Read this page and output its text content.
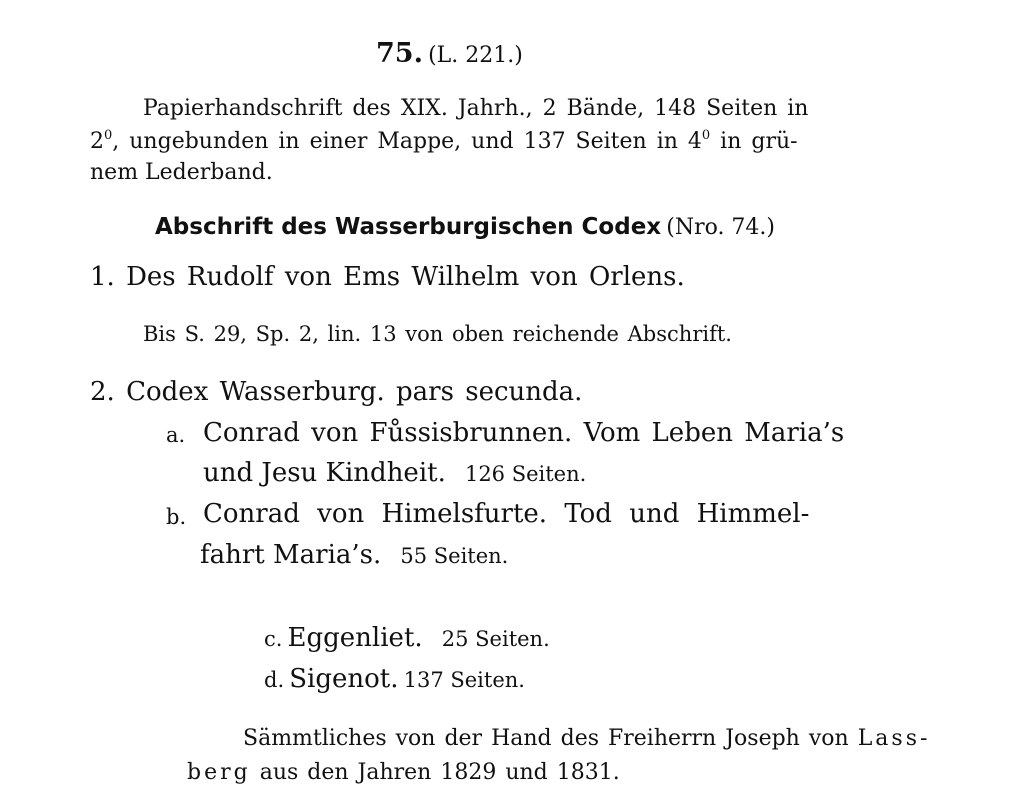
75. (L. 221.)
Papierhandschrift des XIX. Jahrh., 2 Bände, 148 Seiten in
$2^0$, ungebunden in einer Mappe, und 137 Seiten in $4^0$ in grü-
nem Lederband.
Abschrift des Wasserburgischen Codex (Nro. 74.)
1. Des Rudolf von Ems Wilhelm von Orlens.
Bis S. 29, Sp. 2, lin. 13 von oben reichende Abschrift.
2. Codex Wasserburg. pars secunda.
a. Conrad von Fůssisbrunnen. Vom Leben Maria’s
und Jesu Kindheit. 126 Seiten.
b. Conrad von Himelsfurte. Tod und Himmel-
fahrt Maria’s. 55 Seiten.
c. Eggenliet. 25 Seiten.
d. Sigenot. 137 Seiten.
Sämmtliches von der Hand des Freiherrn Joseph von Lass-
berg aus den Jahren 1829 und 1831.
